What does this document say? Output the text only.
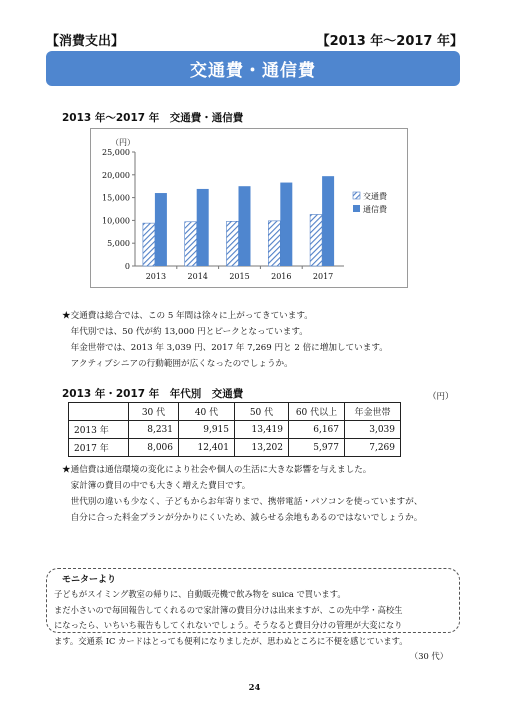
【消費支出】	【2013 年～2017 年】
交通費・通信費
2013 年～2017 年　交通費・通信費
（円）
25,000
20,000
15,000
10,000
5,000
0
2013	2014	2015	2016	2017
交通費
通信費
★交通費は総合では、この 5 年間は徐々に上がってきています。
　年代別では、50 代が約 13,000 円とピークとなっています。
　年金世帯では、2013 年 3,039 円、2017 年 7,269 円と 2 倍に増加しています。
　アクティブシニアの行動範囲が広くなったのでしょうか。
2013 年・2017 年　年代別　交通費	（円）
	30 代	40 代	50 代	60 代以上	年金世帯
2013 年	8,231	9,915	13,419	6,167	3,039
2017 年	8,006	12,401	13,202	5,977	7,269
★通信費は通信環境の変化により社会や個人の生活に大きな影響を与えました。
　家計簿の費目の中でも大きく増えた費目です。
　世代別の違いも少なく、子どもからお年寄りまで、携帯電話・パソコンを使っていますが、
　自分に合った料金プランが分かりにくいため、減らせる余地もあるのではないでしょうか。
モニターより
子どもがスイミング教室の帰りに、自動販売機で飲み物を suica で買います。
まだ小さいので毎回報告してくれるので家計簿の費目分けは出来ますが、この先中学・高校生
になったら、いちいち報告もしてくれないでしょう。そうなると費目分けの管理が大変になり
ます。交通系 IC カードはとっても便利になりましたが、思わぬところに不便を感じています。
（30 代）
24
